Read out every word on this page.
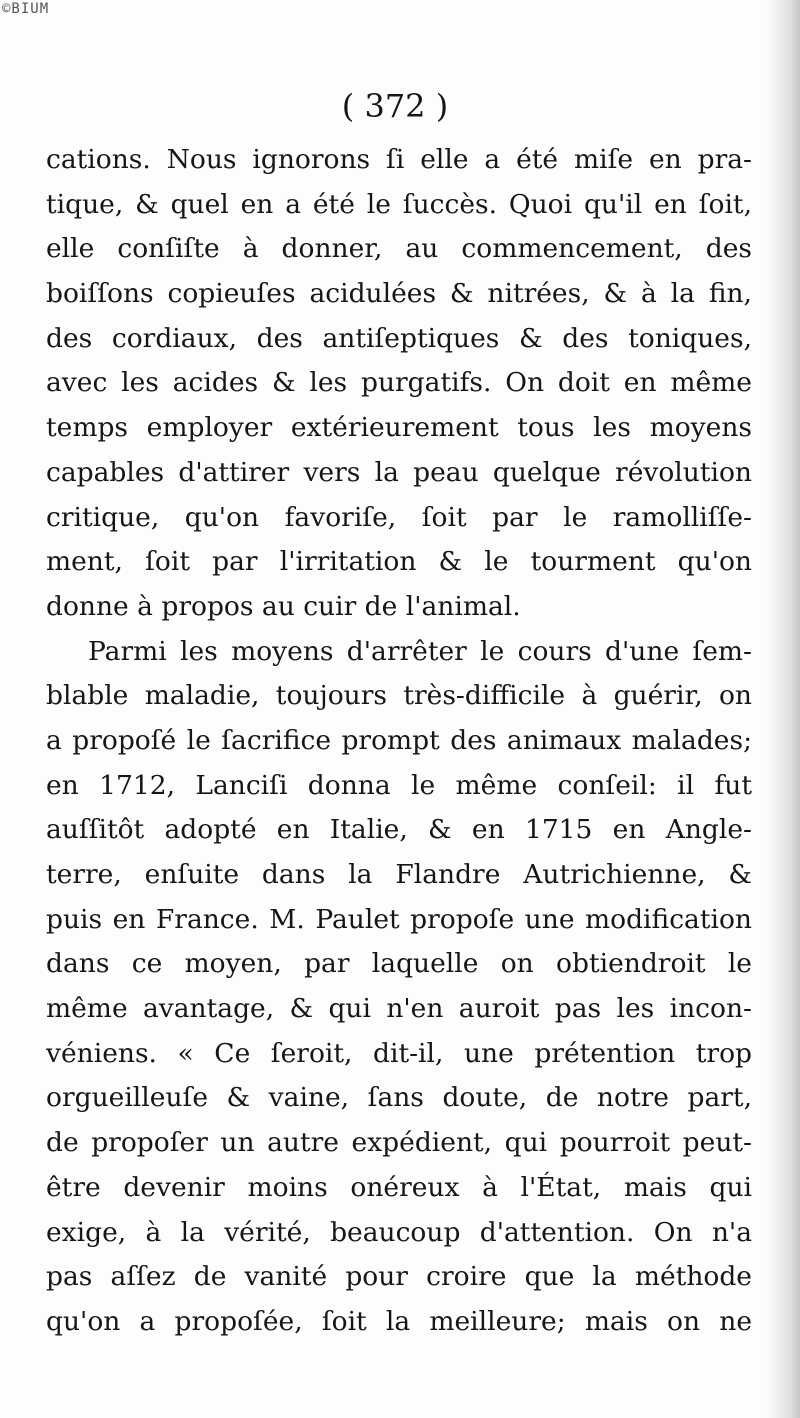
©BIUM
( 372 )
cations. Nous ignorons ſi elle a été miſe en pra-
tique, & quel en a été le ſuccès. Quoi qu'il en ſoit,
elle conſiſte à donner, au commencement, des
boiſſons copieuſes acidulées & nitrées, & à la fin,
des cordiaux, des antiſeptiques & des toniques,
avec les acides & les purgatifs. On doit en même
temps employer extérieurement tous les moyens
capables d'attirer vers la peau quelque révolution
critique, qu'on favoriſe, ſoit par le ramolliſſe-
ment, ſoit par l'irritation & le tourment qu'on
donne à propos au cuir de l'animal.
Parmi les moyens d'arrêter le cours d'une ſem-
blable maladie, toujours très-difficile à guérir, on
a propoſé le ſacrifice prompt des animaux malades;
en 1712, Lanciſi donna le même conſeil: il fut
auſſitôt adopté en Italie, & en 1715 en Angle-
terre, enſuite dans la Flandre Autrichienne, &
puis en France. M. Paulet propoſe une modification
dans ce moyen, par laquelle on obtiendroit le
même avantage, & qui n'en auroit pas les incon-
véniens. « Ce ſeroit, dit-il, une prétention trop
orgueilleuſe & vaine, ſans doute, de notre part,
de propoſer un autre expédient, qui pourroit peut-
être devenir moins onéreux à l'État, mais qui
exige, à la vérité, beaucoup d'attention. On n'a
pas aſſez de vanité pour croire que la méthode
qu'on a propoſée, ſoit la meilleure; mais on ne
